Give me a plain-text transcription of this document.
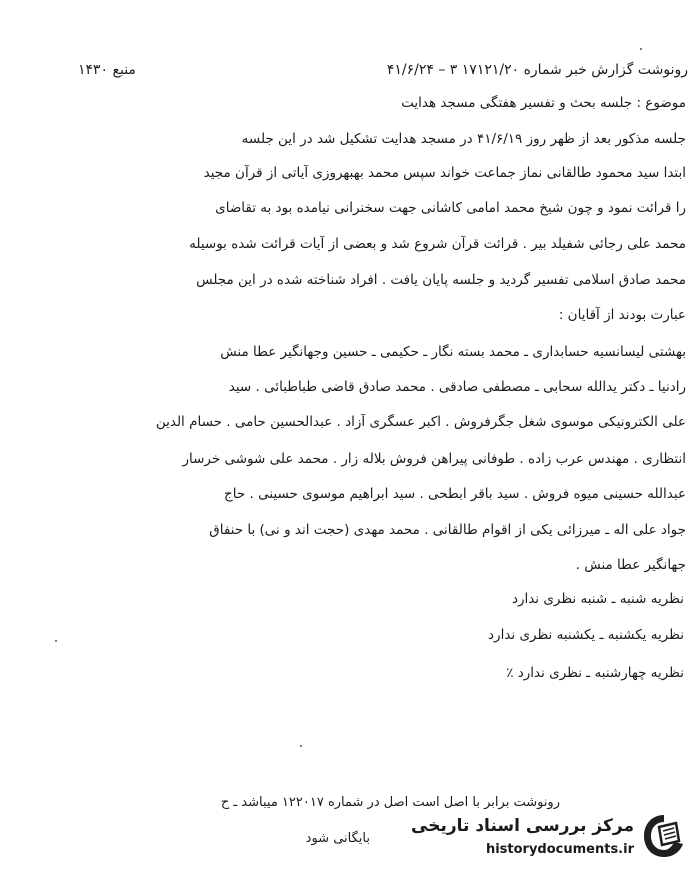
رونوشت گزارش خبر شماره ۱۷۱۲۱/۲۰ ۳ – ۴۱/۶/۲۴
منبع ۱۴۳۰
موضوع : جلسه بحث و تفسیر هفتگی مسجد هدایت
جلسه مذکور بعد از ظهر روز ۴۱/۶/۱۹ در مسجد هدایت تشکیل شد در این جلسه
ابتدا سید محمود طالقانی نماز جماعت خواند سپس محمد بهبهروزی آیاتی از قرآن مجید
را قرائت نمود و چون شیخ محمد امامی کاشانی جهت سخنرانی نیامده بود به تقاضای
محمد علی رجائی شفیلد بیر . قرائت قرآن شروع شد و بعضی از آیات قرائت شده بوسیله
محمد صادق اسلامی تفسیر گردید و جلسه پایان یافت . افراد شناخته شده در این مجلس
عبارت بودند از آقایان :
بهشتی لیسانسیه حسابداری ـ محمد بسته نگار ـ حکیمی ـ حسین وجهانگیر عطا منش
رادنیا ـ دکتر یدالله سحابی ـ مصطفی صادقی . محمد صادق قاضی طباطبائی . سید
علی الکترونیکی موسوی شغل جگرفروش . اکبر عسگری آزاد . عبدالحسین حامی . حسام الدین
انتظاری . مهندس عرب زاده . طوفانی پیراهن فروش بلاله زار . محمد علی شوشی خرسار
عبدالله حسینی میوه فروش . سید باقر ابطحی . سید ابراهیم موسوی حسینی . حاج
جواد علی اله ـ میرزائی یکی از اقوام طالقانی . محمد مهدی (حجت اند و نی) با حنفاق
جهانگیر عطا منش .
نظریه شنبه ـ شنبه نظری ندارد
نظریه یکشنبه ـ یکشنبه نظری ندارد
نظریه چهارشنبه ـ نظری ندارد ٪
رونوشت برابر با اصل است اصل در شماره ۱۲۲۰۱۷ میباشد ـ ح
بایگانی شود
مرکز بررسی اسناد تاریخی
historydocuments.ir
